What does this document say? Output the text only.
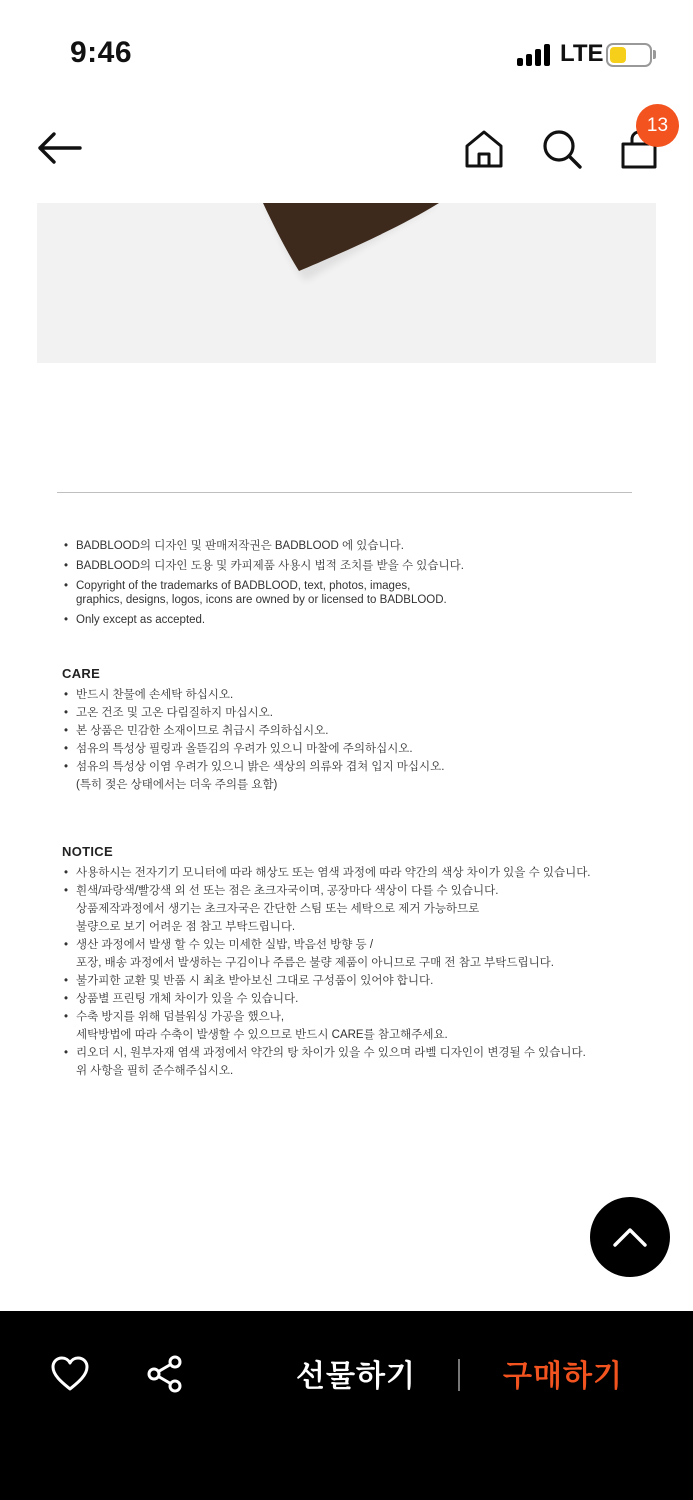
9:46	LTE
13
• BADBLOOD의 디자인 및 판매저작권은 BADBLOOD 에 있습니다.
• BADBLOOD의 디자인 도용 및 카피제품 사용시 법적 조치를 받을 수 있습니다.
• Copyright of the trademarks of BADBLOOD, text, photos, images,
graphics, designs, logos, icons are owned by or licensed to BADBLOOD.
• Only except as accepted.
CARE
• 반드시 찬물에 손세탁 하십시오.
• 고온 건조 및 고온 다림질하지 마십시오.
• 본 상품은 민감한 소재이므로 취급시 주의하십시오.
• 섬유의 특성상 필링과 올뜯김의 우려가 있으니 마찰에 주의하십시오.
• 섬유의 특성상 이염 우려가 있으니 밝은 색상의 의류와 겹쳐 입지 마십시오.
(특히 젖은 상태에서는 더욱 주의를 요함)
NOTICE
• 사용하시는 전자기기 모니터에 따라 해상도 또는 염색 과정에 따라 약간의 색상 차이가 있을 수 있습니다.
• 흰색/파랑색/빨강색 외 선 또는 점은 초크자국이며, 공장마다 색상이 다를 수 있습니다.
상품제작과정에서 생기는 초크자국은 간단한 스팀 또는 세탁으로 제거 가능하므로
불량으로 보기 어려운 점 참고 부탁드립니다.
• 생산 과정에서 발생 할 수 있는 미세한 실밥, 박음선 방향 등 /
포장, 배송 과정에서 발생하는 구김이나 주름은 불량 제품이 아니므로 구매 전 참고 부탁드립니다.
• 불가피한 교환 및 반품 시 최초 받아보신 그대로 구성품이 있어야 합니다.
• 상품별 프린팅 개체 차이가 있을 수 있습니다.
• 수축 방지를 위해 덤블워싱 가공을 했으나,
세탁방법에 따라 수축이 발생할 수 있으므로 반드시 CARE를 참고해주세요.
• 리오더 시, 원부자재 염색 과정에서 약간의 탕 차이가 있을 수 있으며 라벨 디자인이 변경될 수 있습니다.
위 사항을 필히 준수해주십시오.
선물하기	구매하기
